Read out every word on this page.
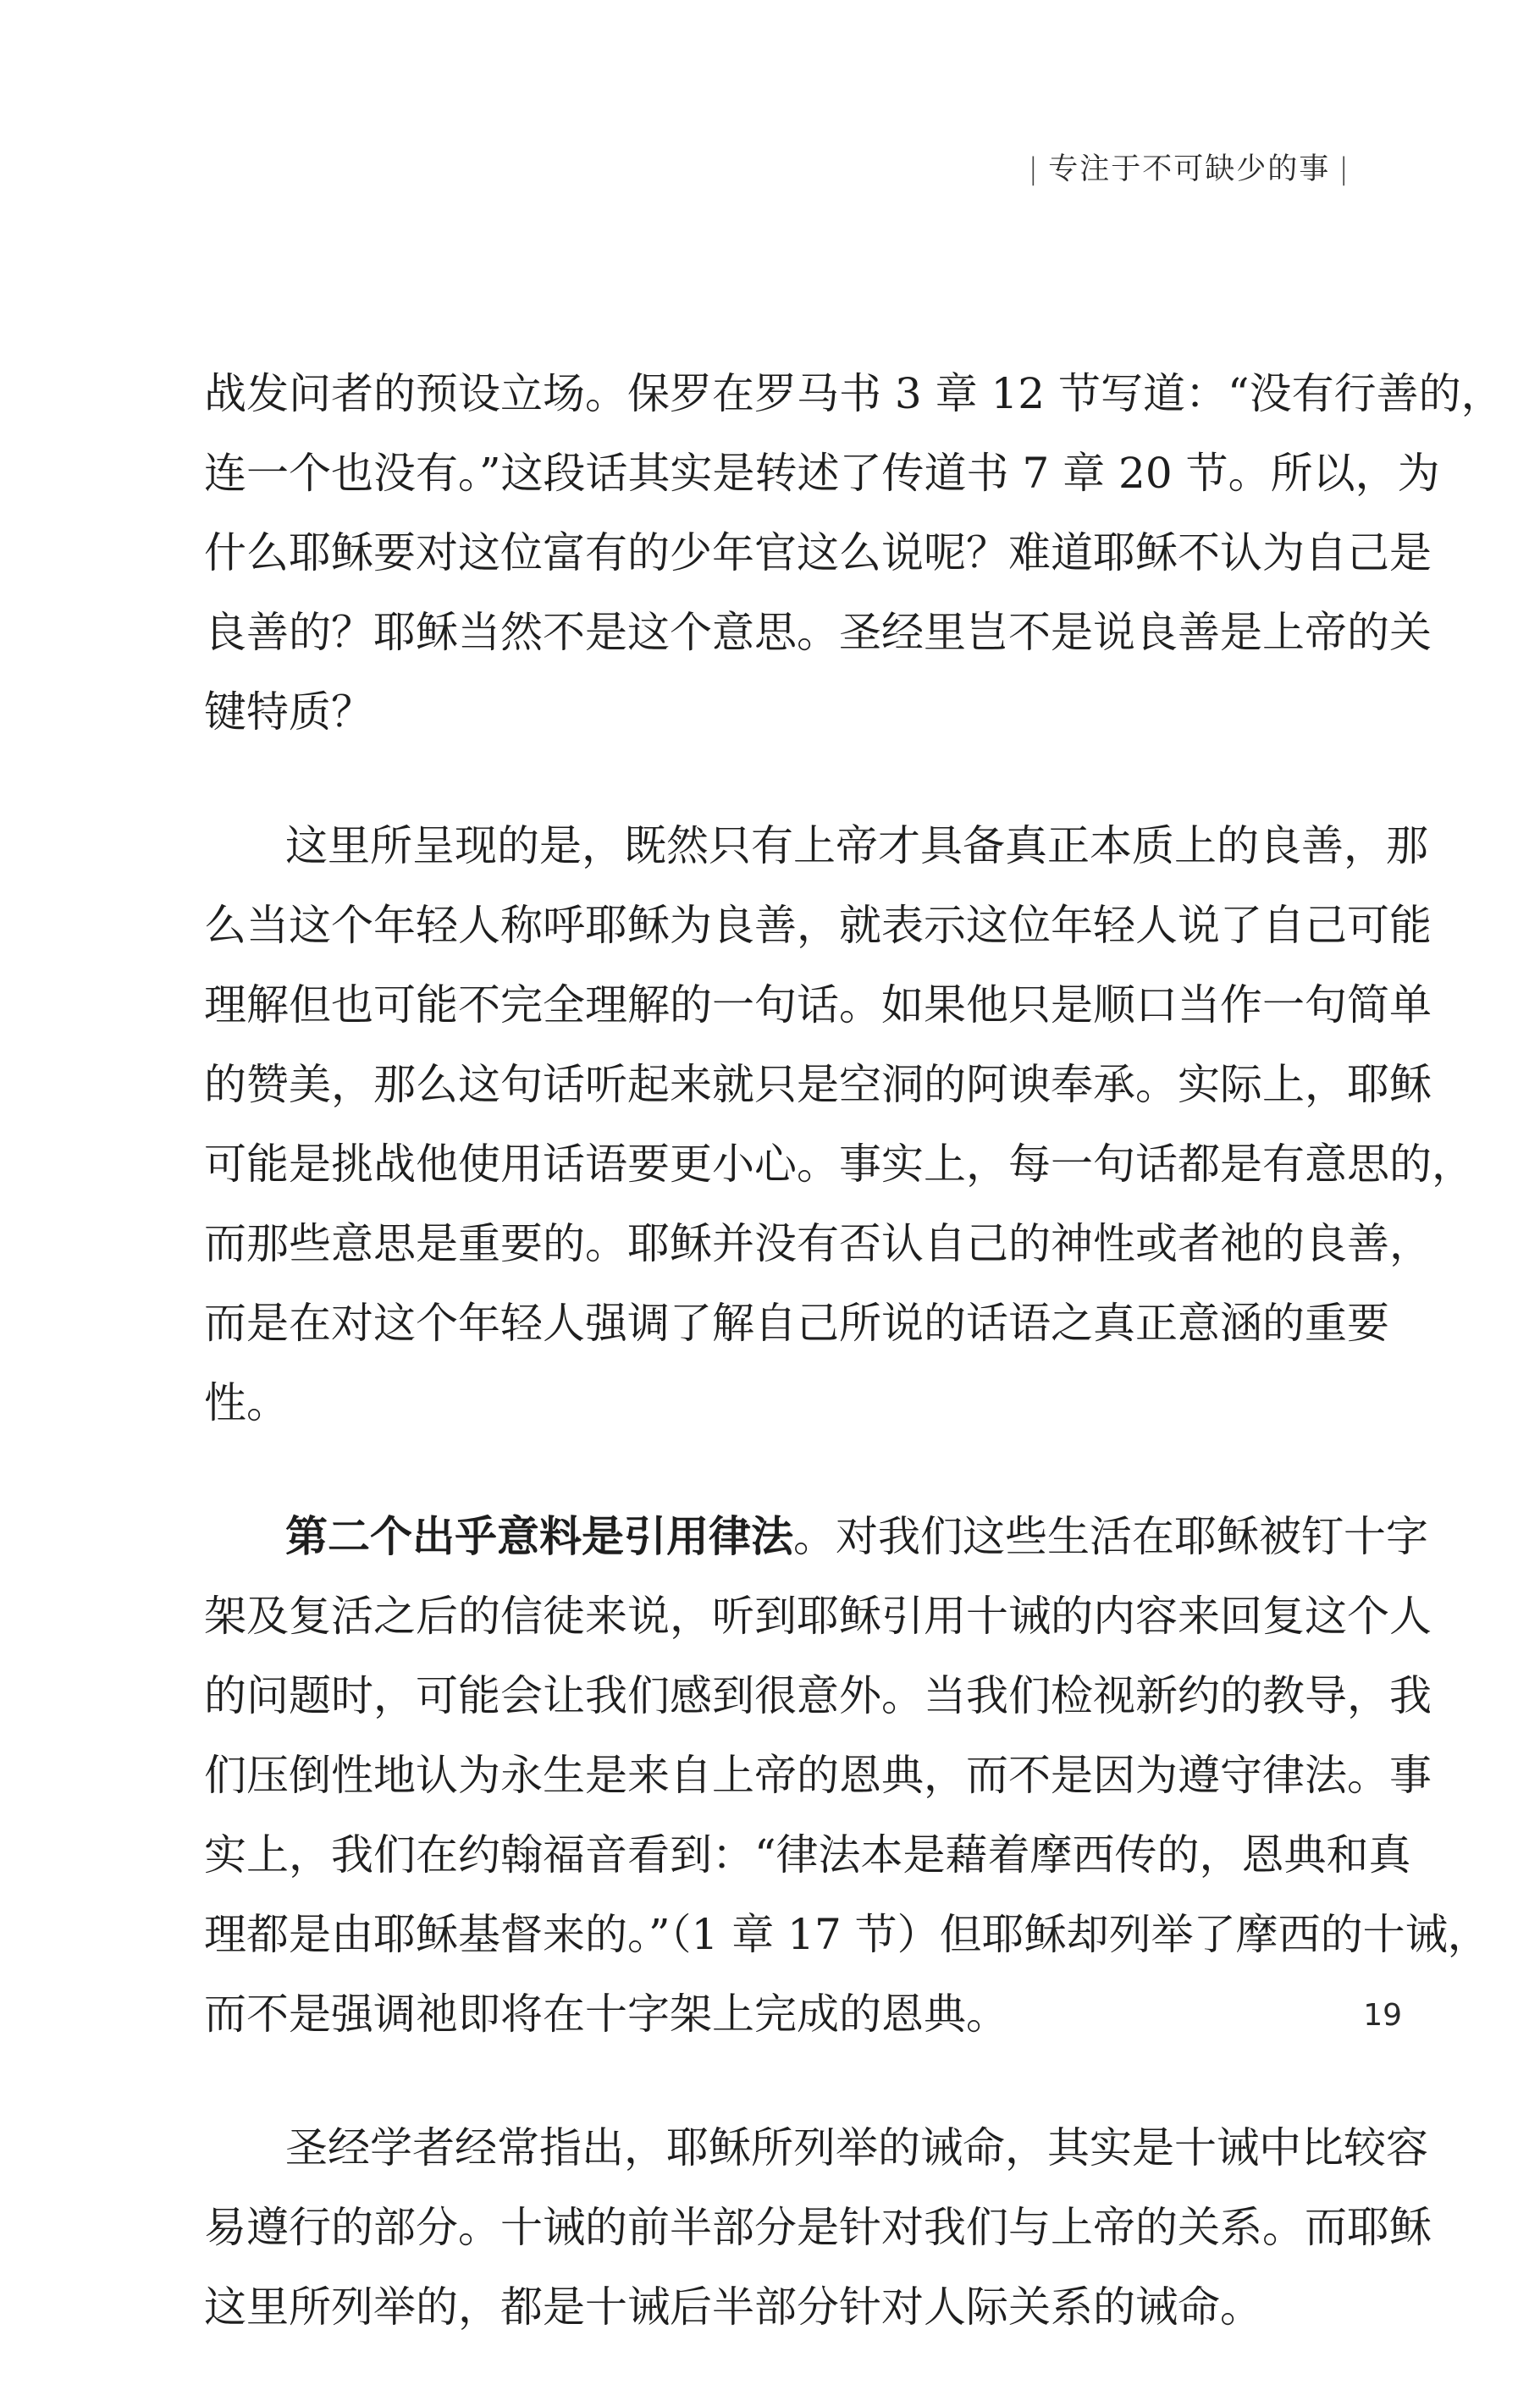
| 专注于不可缺少的事 |
战发问者的预设立场。保罗在罗马书 3 章 12 节写道：“没有行善的，
连一个也没有。”这段话其实是转述了传道书 7 章 20 节。所以，为
什么耶稣要对这位富有的少年官这么说呢？难道耶稣不认为自己是
良善的？耶稣当然不是这个意思。圣经里岂不是说良善是上帝的关
键特质？
这里所呈现的是，既然只有上帝才具备真正本质上的良善，那
么当这个年轻人称呼耶稣为良善，就表示这位年轻人说了自己可能
理解但也可能不完全理解的一句话。如果他只是顺口当作一句简单
的赞美，那么这句话听起来就只是空洞的阿谀奉承。实际上，耶稣
可能是挑战他使用话语要更小心。事实上，每一句话都是有意思的，
而那些意思是重要的。耶稣并没有否认自己的神性或者祂的良善，
而是在对这个年轻人强调了解自己所说的话语之真正意涵的重要
性。
第二个出乎意料是引用律法。对我们这些生活在耶稣被钉十字
架及复活之后的信徒来说，听到耶稣引用十诫的内容来回复这个人
的问题时，可能会让我们感到很意外。当我们检视新约的教导，我
们压倒性地认为永生是来自上帝的恩典，而不是因为遵守律法。事
实上，我们在约翰福音看到：“律法本是藉着摩西传的，恩典和真
理都是由耶稣基督来的。”（1 章 17 节）但耶稣却列举了摩西的十诫，
而不是强调祂即将在十字架上完成的恩典。
圣经学者经常指出，耶稣所列举的诫命，其实是十诫中比较容
易遵行的部分。十诫的前半部分是针对我们与上帝的关系。而耶稣
这里所列举的，都是十诫后半部分针对人际关系的诫命。
19
